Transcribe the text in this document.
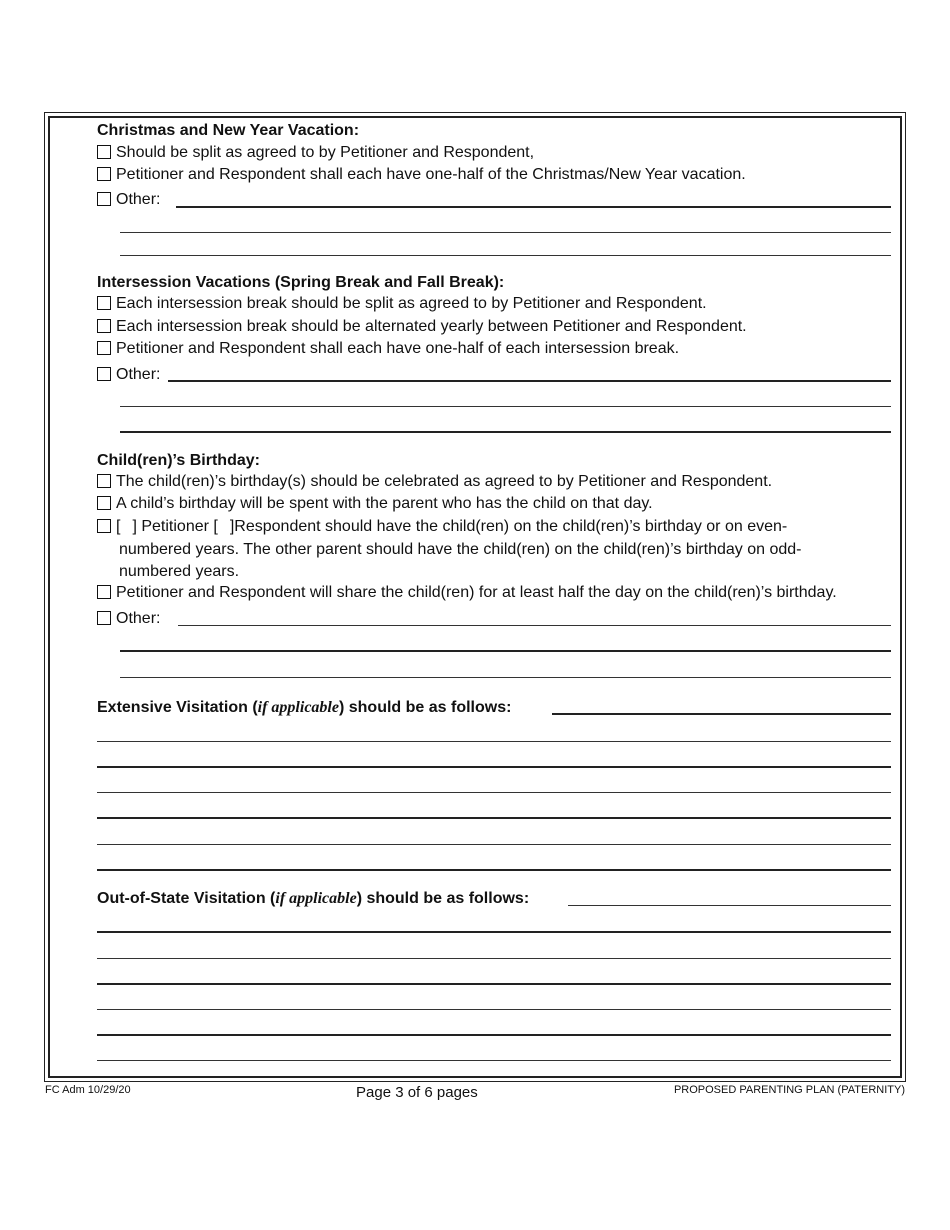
Christmas and New Year Vacation:
Should be split as agreed to by Petitioner and Respondent,
Petitioner and Respondent shall each have one-half of the Christmas/New Year vacation.
Other:
Intersession Vacations (Spring Break and Fall Break):
Each intersession break should be split as agreed to by Petitioner and Respondent.
Each intersession break should be alternated yearly between Petitioner and Respondent.
Petitioner and Respondent shall each have one-half of each intersession break.
Other:
Child(ren)’s Birthday:
The child(ren)’s birthday(s) should be celebrated as agreed to by Petitioner and Respondent.
A child’s birthday will be spent with the parent who has the child on that day.
[ ] Petitioner [ ]Respondent should have the child(ren) on the child(ren)’s birthday or on even-
numbered years. The other parent should have the child(ren) on the child(ren)’s birthday on odd-
numbered years.
Petitioner and Respondent will share the child(ren) for at least half the day on the child(ren)’s birthday.
Other:
Extensive Visitation (if applicable) should be as follows:
Out-of-State Visitation (if applicable) should be as follows:
FC Adm 10/29/20	Page 3 of 6 pages	PROPOSED PARENTING PLAN (PATERNITY)
